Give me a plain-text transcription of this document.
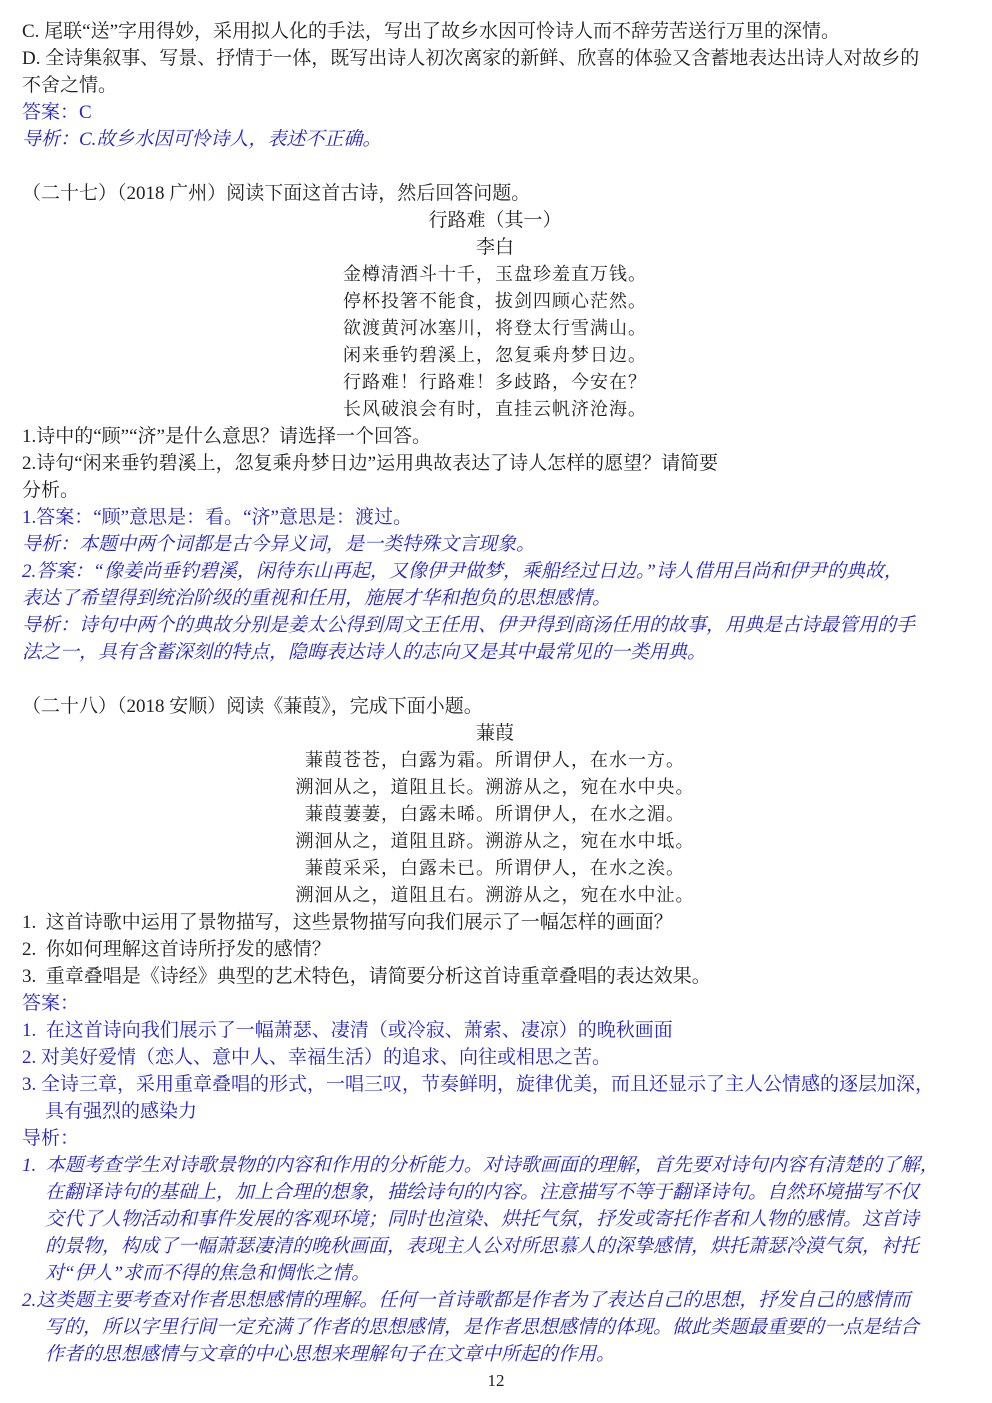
C. 尾联“送”字用得妙，采用拟人化的手法，写出了故乡水因可怜诗人而不辞劳苦送行万里的深情。
D. 全诗集叙事、写景、抒情于一体，既写出诗人初次离家的新鲜、欣喜的体验又含蓄地表达出诗人对故乡的
不舍之情。
答案：C
导析：C.故乡水因可怜诗人，表述不正确。
（二十七）（2018 广州）阅读下面这首古诗，然后回答问题。
行路难（其一）
李白
金樽清酒斗十千，玉盘珍羞直万钱。
停杯投箸不能食，拔剑四顾心茫然。
欲渡黄河冰塞川，将登太行雪满山。
闲来垂钓碧溪上，忽复乘舟梦日边。
行路难！行路难！多歧路，今安在？
长风破浪会有时，直挂云帆济沧海。
1.诗中的“顾”“济”是什么意思？请选择一个回答。
2.诗句“闲来垂钓碧溪上，忽复乘舟梦日边”运用典故表达了诗人怎样的愿望？请简要
分析。
1.答案：“顾”意思是：看。“济”意思是：渡过。
导析：本题中两个词都是古今异义词，是一类特殊文言现象。
2.答案：“像姜尚垂钓碧溪，闲待东山再起，又像伊尹做梦，乘船经过日边。”诗人借用吕尚和伊尹的典故，
表达了希望得到统治阶级的重视和任用，施展才华和抱负的思想感情。
导析：诗句中两个的典故分别是姜太公得到周文王任用、伊尹得到商汤任用的故事，用典是古诗最管用的手
法之一，具有含蓄深刻的特点，隐晦表达诗人的志向又是其中最常见的一类用典。
（二十八）（2018 安顺）阅读《蒹葭》，完成下面小题。
蒹葭
蒹葭苍苍，白露为霜。所谓伊人，在水一方。
溯洄从之，道阻且长。溯游从之，宛在水中央。
蒹葭萋萋，白露未晞。所谓伊人，在水之湄。
溯洄从之，道阻且跻。溯游从之，宛在水中坻。
蒹葭采采，白露未已。所谓伊人，在水之涘。
溯洄从之，道阻且右。溯游从之，宛在水中沚。
1.  这首诗歌中运用了景物描写，这些景物描写向我们展示了一幅怎样的画面？
2.  你如何理解这首诗所抒发的感情？
3.  重章叠唱是《诗经》典型的艺术特色，请简要分析这首诗重章叠唱的表达效果。
答案：
1.  在这首诗向我们展示了一幅萧瑟、凄清（或冷寂、萧索、凄凉）的晚秋画面
2. 对美好爱情（恋人、意中人、幸福生活）的追求、向往或相思之苦。
3. 全诗三章，采用重章叠唱的形式，一唱三叹，节奏鲜明，旋律优美，而且还显示了主人公情感的逐层加深，
具有强烈的感染力
导析：
1.  本题考查学生对诗歌景物的内容和作用的分析能力。对诗歌画面的理解，首先要对诗句内容有清楚的了解，
在翻译诗句的基础上，加上合理的想象，描绘诗句的内容。注意描写不等于翻译诗句。自然环境描写不仅
交代了人物活动和事件发展的客观环境；同时也渲染、烘托气氛，抒发或寄托作者和人物的感情。这首诗
的景物，构成了一幅萧瑟凄清的晚秋画面，表现主人公对所思慕人的深挚感情，烘托萧瑟冷漠气氛，衬托
对“伊人”求而不得的焦急和惆怅之情。
2.这类题主要考查对作者思想感情的理解。任何一首诗歌都是作者为了表达自己的思想，抒发自己的感情而
写的，所以字里行间一定充满了作者的思想感情，是作者思想感情的体现。做此类题最重要的一点是结合
作者的思想感情与文章的中心思想来理解句子在文章中所起的作用。
12
